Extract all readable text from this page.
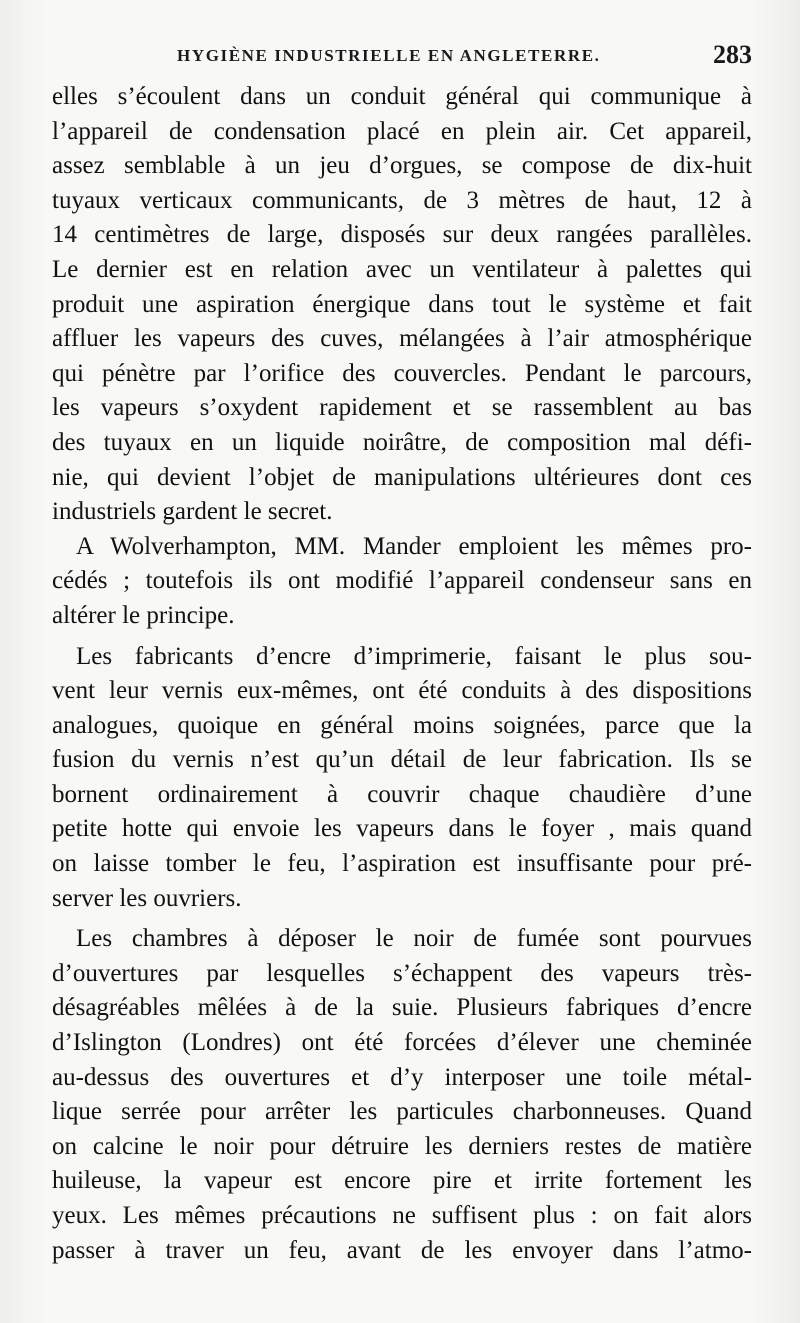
HYGIÈNE INDUSTRIELLE EN ANGLETERRE.	283
elles s’écoulent dans un conduit général qui communique à
l’appareil de condensation placé en plein air. Cet appareil,
assez semblable à un jeu d’orgues, se compose de dix-huit
tuyaux verticaux communicants, de 3 mètres de haut, 12 à
14 centimètres de large, disposés sur deux rangées parallèles.
Le dernier est en relation avec un ventilateur à palettes qui
produit une aspiration énergique dans tout le système et fait
affluer les vapeurs des cuves, mélangées à l’air atmosphérique
qui pénètre par l’orifice des couvercles. Pendant le parcours,
les vapeurs s’oxydent rapidement et se rassemblent au bas
des tuyaux en un liquide noirâtre, de composition mal défi-
nie, qui devient l’objet de manipulations ultérieures dont ces
industriels gardent le secret.
A Wolverhampton, MM. Mander emploient les mêmes pro-
cédés ; toutefois ils ont modifié l’appareil condenseur sans en
altérer le principe.
Les fabricants d’encre d’imprimerie, faisant le plus sou-
vent leur vernis eux-mêmes, ont été conduits à des dispositions
analogues, quoique en général moins soignées, parce que la
fusion du vernis n’est qu’un détail de leur fabrication. Ils se
bornent ordinairement à couvrir chaque chaudière d’une
petite hotte qui envoie les vapeurs dans le foyer , mais quand
on laisse tomber le feu, l’aspiration est insuffisante pour pré-
server les ouvriers.
Les chambres à déposer le noir de fumée sont pourvues
d’ouvertures par lesquelles s’échappent des vapeurs très-
désagréables mêlées à de la suie. Plusieurs fabriques d’encre
d’Islington (Londres) ont été forcées d’élever une cheminée
au-dessus des ouvertures et d’y interposer une toile métal-
lique serrée pour arrêter les particules charbonneuses. Quand
on calcine le noir pour détruire les derniers restes de matière
huileuse, la vapeur est encore pire et irrite fortement les
yeux. Les mêmes précautions ne suffisent plus : on fait alors
passer à traver un feu, avant de les envoyer dans l’atmo-
